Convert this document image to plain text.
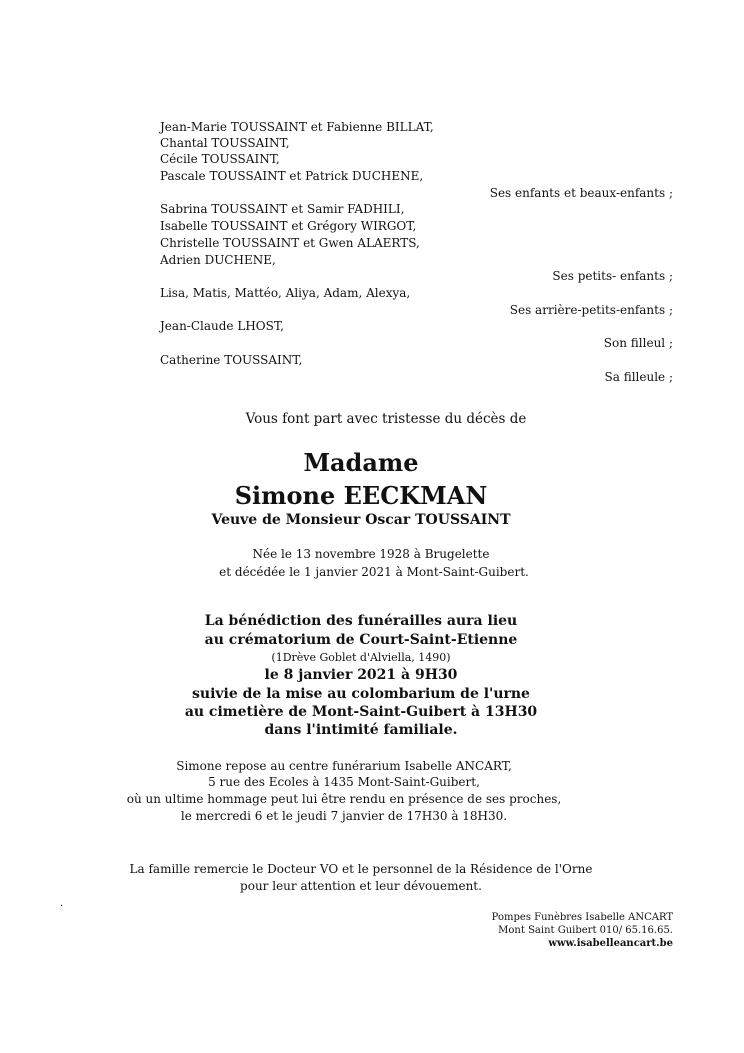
Jean-Marie TOUSSAINT et Fabienne BILLAT,
Chantal TOUSSAINT,
Cécile TOUSSAINT,
Pascale TOUSSAINT et Patrick DUCHENE,
Ses enfants et beaux-enfants ;
Sabrina TOUSSAINT et Samir FADHILI,
Isabelle TOUSSAINT et Grégory WIRGOT,
Christelle TOUSSAINT et Gwen ALAERTS,
Adrien DUCHENE,
Ses petits- enfants ;
Lisa, Matis, Mattéo, Aliya, Adam, Alexya,
Ses arrière-petits-enfants ;
Jean-Claude LHOST,
Son filleul ;
Catherine TOUSSAINT,
Sa filleule ;
Vous font part avec tristesse du décès de
Madame
Simone EECKMAN
Veuve de Monsieur Oscar TOUSSAINT
Née le 13 novembre 1928 à Brugelette
et décédée le 1 janvier 2021 à Mont-Saint-Guibert.
La bénédiction des funérailles aura lieu
au crématorium de Court-Saint-Etienne
(1Drève Goblet d'Alviella, 1490)
le 8 janvier 2021 à 9H30
suivie de la mise au colombarium de l'urne
au cimetière de Mont-Saint-Guibert à 13H30
dans l'intimité familiale.
Simone repose au centre funérarium Isabelle ANCART,
5 rue des Ecoles à 1435 Mont-Saint-Guibert,
où un ultime hommage peut lui être rendu en présence de ses proches,
le mercredi 6 et le jeudi 7 janvier de 17H30 à 18H30.
La famille remercie le Docteur VO et le personnel de la Résidence de l'Orne
pour leur attention et leur dévouement.
.
Pompes Funèbres Isabelle ANCART
Mont Saint Guibert 010/ 65.16.65.
www.isabelleancart.be
